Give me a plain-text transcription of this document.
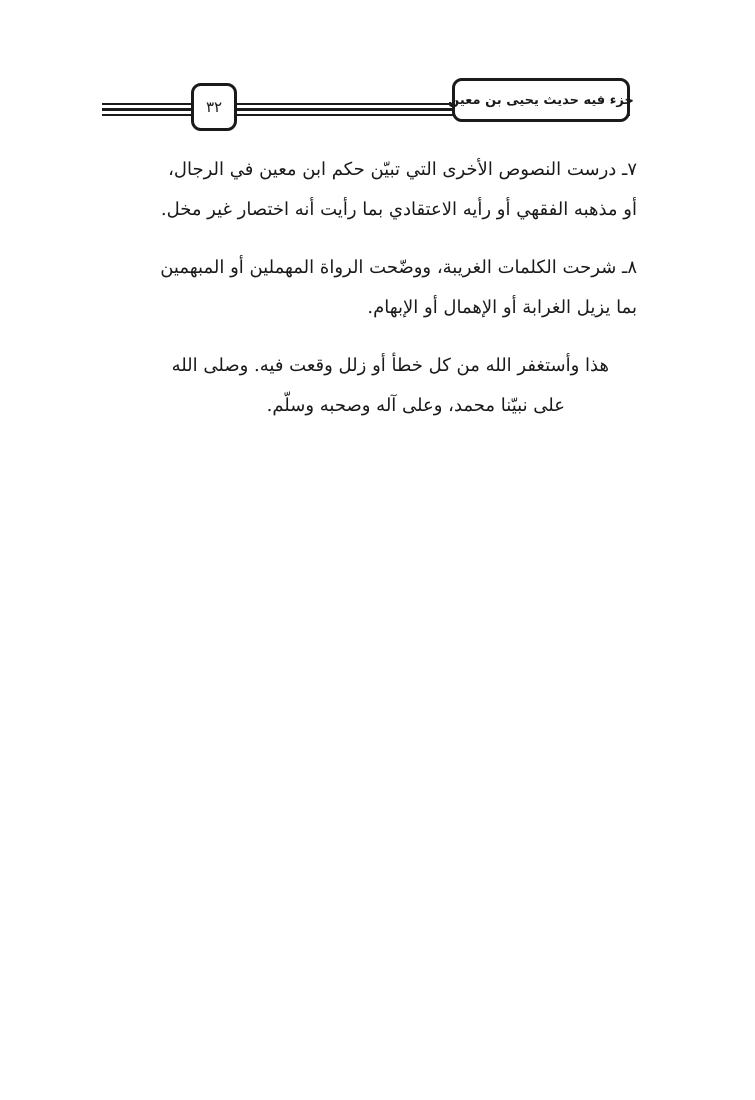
جزء فيه حديث يحيى بن معين
٣٢

٧ـ درست النصوص الأخرى التي تبيّن حكم ابن معين في الرجال،
أو مذهبه الفقهي أو رأيه الاعتقادي بما رأيت أنه اختصار غير مخل.

٨ـ شرحت الكلمات الغريبة، ووضّحت الرواة المهملين أو المبهمين
بما يزيل الغرابة أو الإهمال أو الإبهام.

هذا وأستغفر الله من كل خطأ أو زلل وقعت فيه. وصلى الله
على نبيّنا محمد، وعلى آله وصحبه وسلّم.
